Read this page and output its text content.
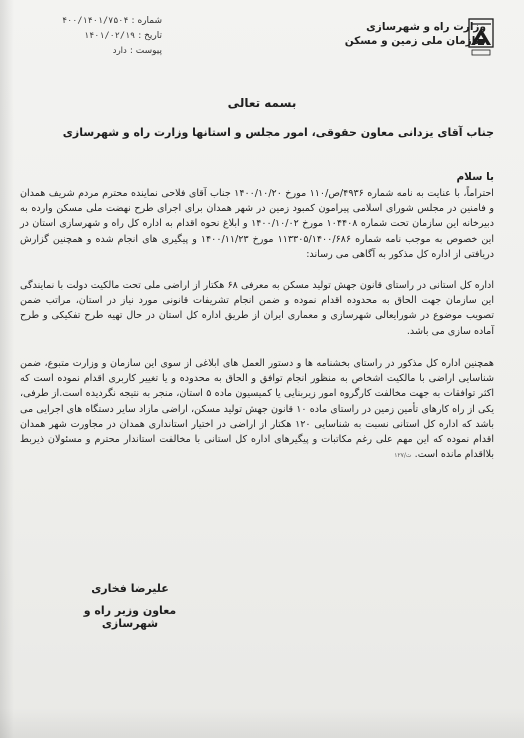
وزارت راه و شهرسازی
سازمان ملی زمین و مسکن
شماره :
۴۰۰/۱۴۰۱/۷۵۰۴
تاریخ :
۱۴۰۱/۰۲/۱۹
پیوست :
دارد
بسمه تعالی
جناب آقای یزدانی معاون حقوقی، امور مجلس و استانها وزارت راه و شهرسازی
با سلام
احتراماً، با عنایت به نامه شماره ۴۹۳۶/ص/۱۱۰ مورخ ۱۴۰۰/۱۰/۲۰ جناب آقای فلاحی نماینده محترم مردم شریف همدان و فامنین در مجلس شورای اسلامی پیرامون کمبود زمین در شهر همدان برای اجرای طرح نهضت ملی مسکن وارده به دبیرخانه این سازمان تحت شماره ۱۰۴۴۰۸ مورخ ۱۴۰۰/۱۰/۰۲ و ابلاغ نحوه اقدام به اداره کل راه و شهرسازی استان در این خصوص به موجب نامه شماره ۱۱۳۳۰۵/۱۴۰۰/۶۸۶ مورخ ۱۴۰۰/۱۱/۲۳ و پیگیری های انجام شده و همچنین گزارش دریافتی از اداره کل مذکور به آگاهی می رساند:
اداره کل استانی در راستای قانون جهش تولید مسکن به معرفی ۶۸ هکتار از اراضی ملی تحت مالکیت دولت با نمایندگی این سازمان جهت الحاق به محدوده اقدام نموده و ضمن انجام تشریفات قانونی مورد نیاز در استان، مراتب ضمن تصویب موضوع در شورایعالی شهرسازی و معماری ایران از طریق اداره کل استان در حال تهیه طرح تفکیکی و طرح آماده سازی می باشد.
همچنین اداره کل مذکور در راستای بخشنامه ها و دستور العمل های ابلاغی از سوی این سازمان و وزارت متبوع، ضمن شناسایی اراضی با مالکیت اشخاص به منظور انجام توافق و الحاق به محدوده و یا تغییر کاربری اقدام نموده است که اکثر توافقات به جهت مخالفت کارگروه امور زیربنایی یا کمیسیون ماده ۵ استان، منجر به نتیجه نگردیده است.از طرفی، یکی از راه کارهای تأمین زمین در راستای ماده ۱۰ قانون جهش تولید مسکن، اراضی مازاد سایر دستگاه های اجرایی می باشد که اداره کل استانی نسبت به شناسایی ۱۲۰ هکتار از اراضی در اختیار استانداری همدان در مجاورت شهر همدان اقدام نموده که این مهم علی رغم مکاتبات و پیگیرهای اداره کل استانی با مخالفت استاندار محترم و مسئولان ذیربط بلااقدام مانده است. ت/۱۲۷
علیرضا فخاری
معاون وزیر راه و شهرسازی
